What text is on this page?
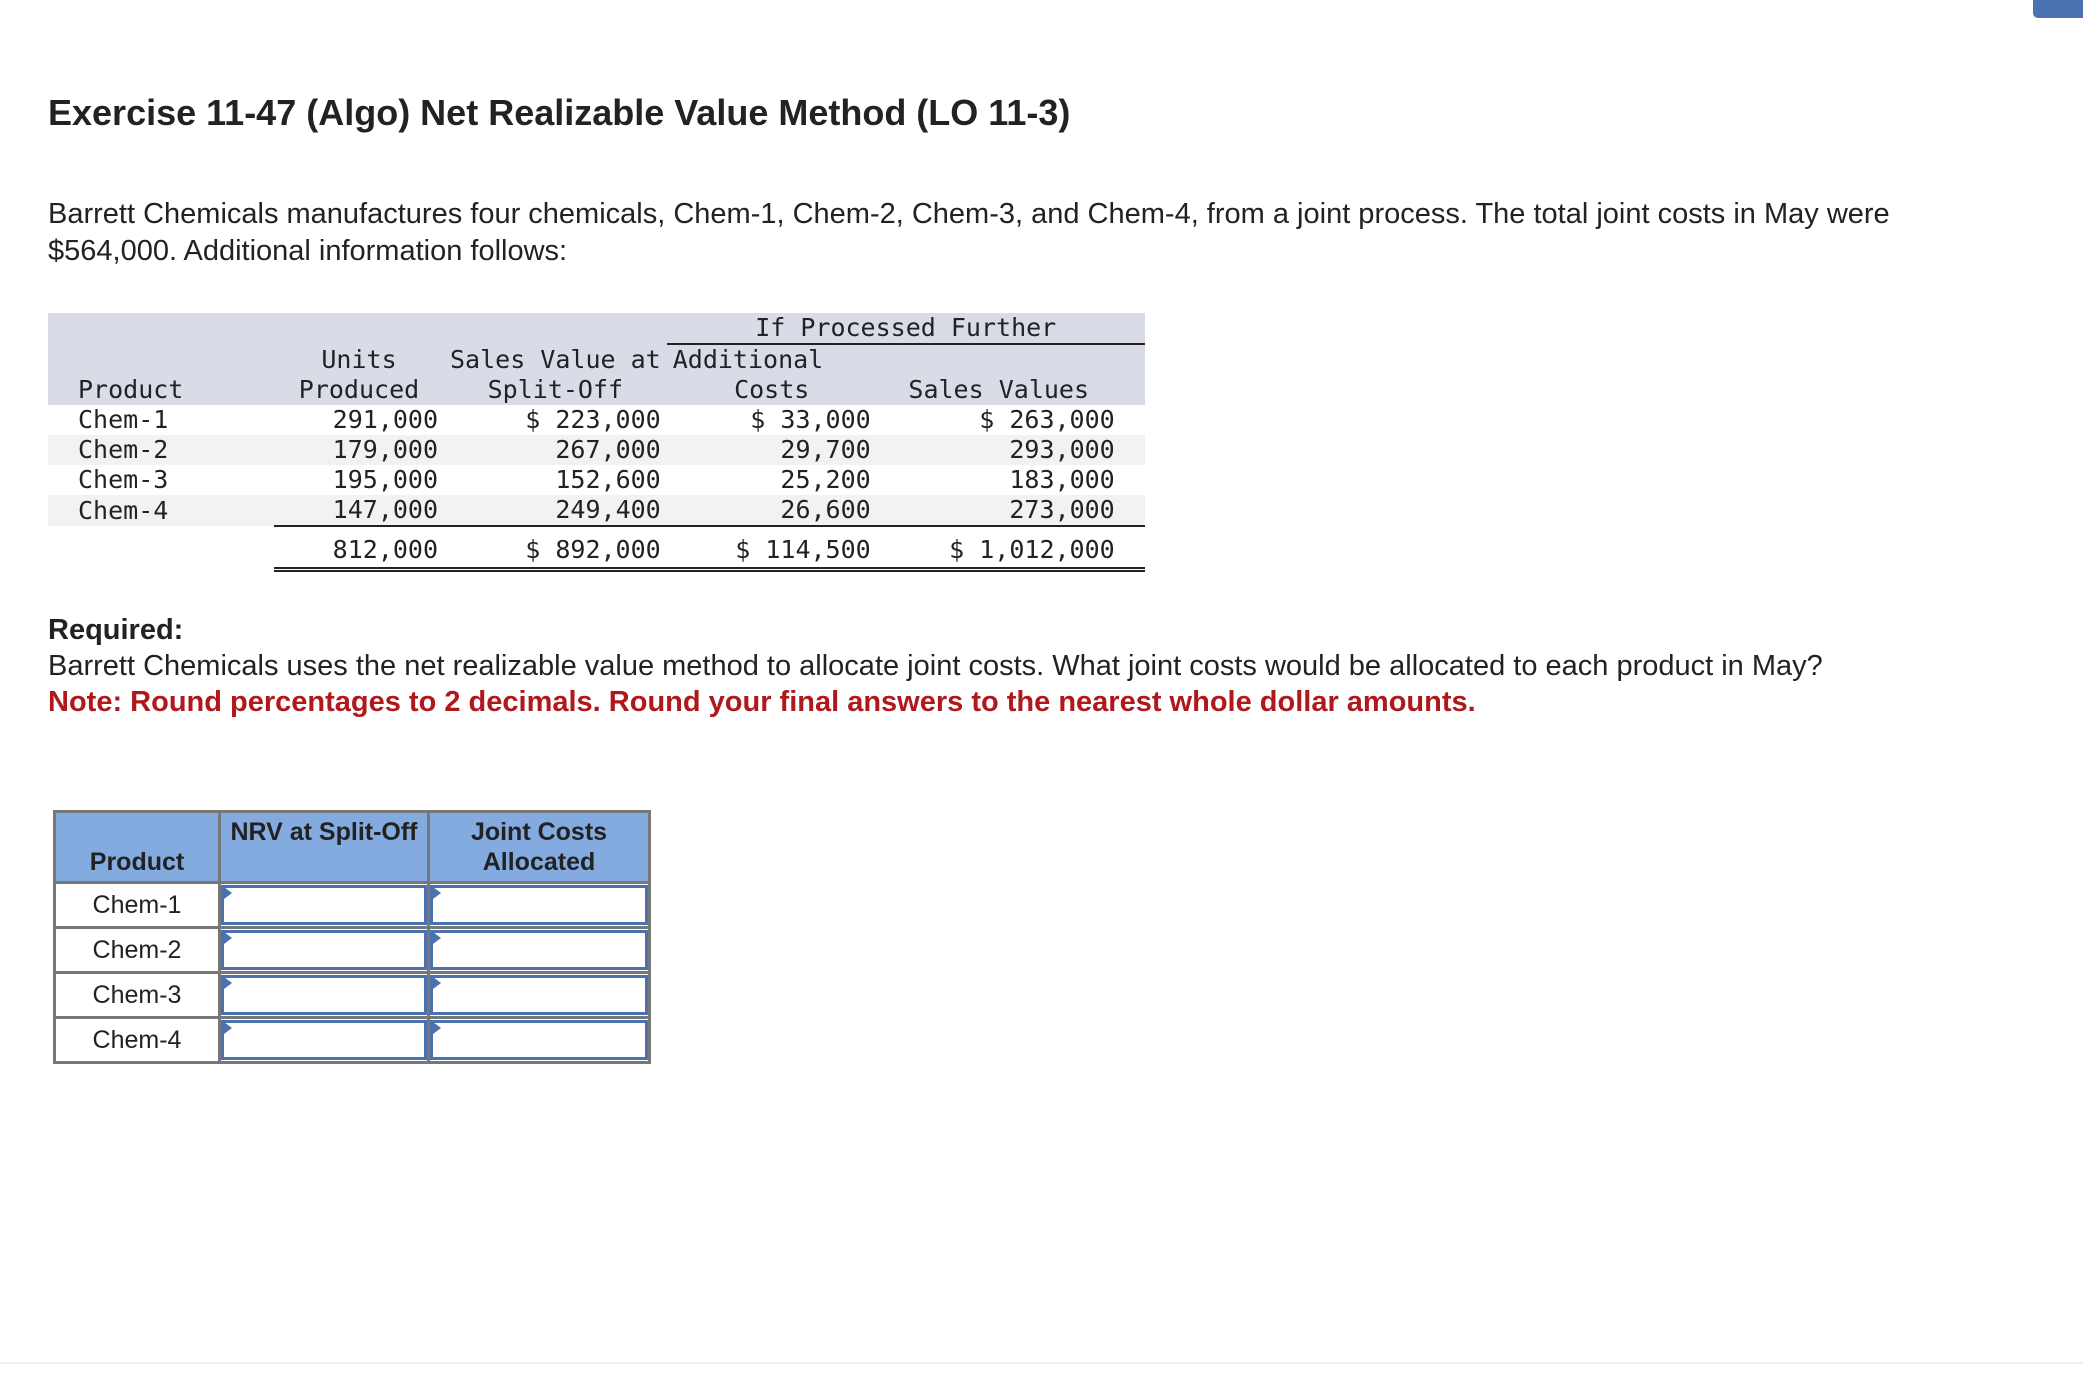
Exercise 11-47 (Algo) Net Realizable Value Method (LO 11-3)

Barrett Chemicals manufactures four chemicals, Chem-1, Chem-2, Chem-3, and Chem-4, from a joint process. The total joint costs in May were $564,000. Additional information follows:

			If Processed Further	
	Units	Sales Value at	Additional	
Product	Produced	Split-Off	Costs	Sales Values
Chem-1	291,000	$ 223,000	$ 33,000	$ 263,000
Chem-2	179,000	267,000	29,700	293,000
Chem-3	195,000	152,600	25,200	183,000
Chem-4	147,000	249,400	26,600	273,000
	812,000	$ 892,000	$ 114,500	$ 1,012,000
Required:
Barrett Chemicals uses the net realizable value method to allocate joint costs. What joint costs would be allocated to each product in May?
Note: Round percentages to 2 decimals. Round your final answers to the nearest whole dollar amounts.
Product	NRV at Split-Off	Joint Costs Allocated
Chem-1	

Chem-2	

Chem-3	

Chem-4	
